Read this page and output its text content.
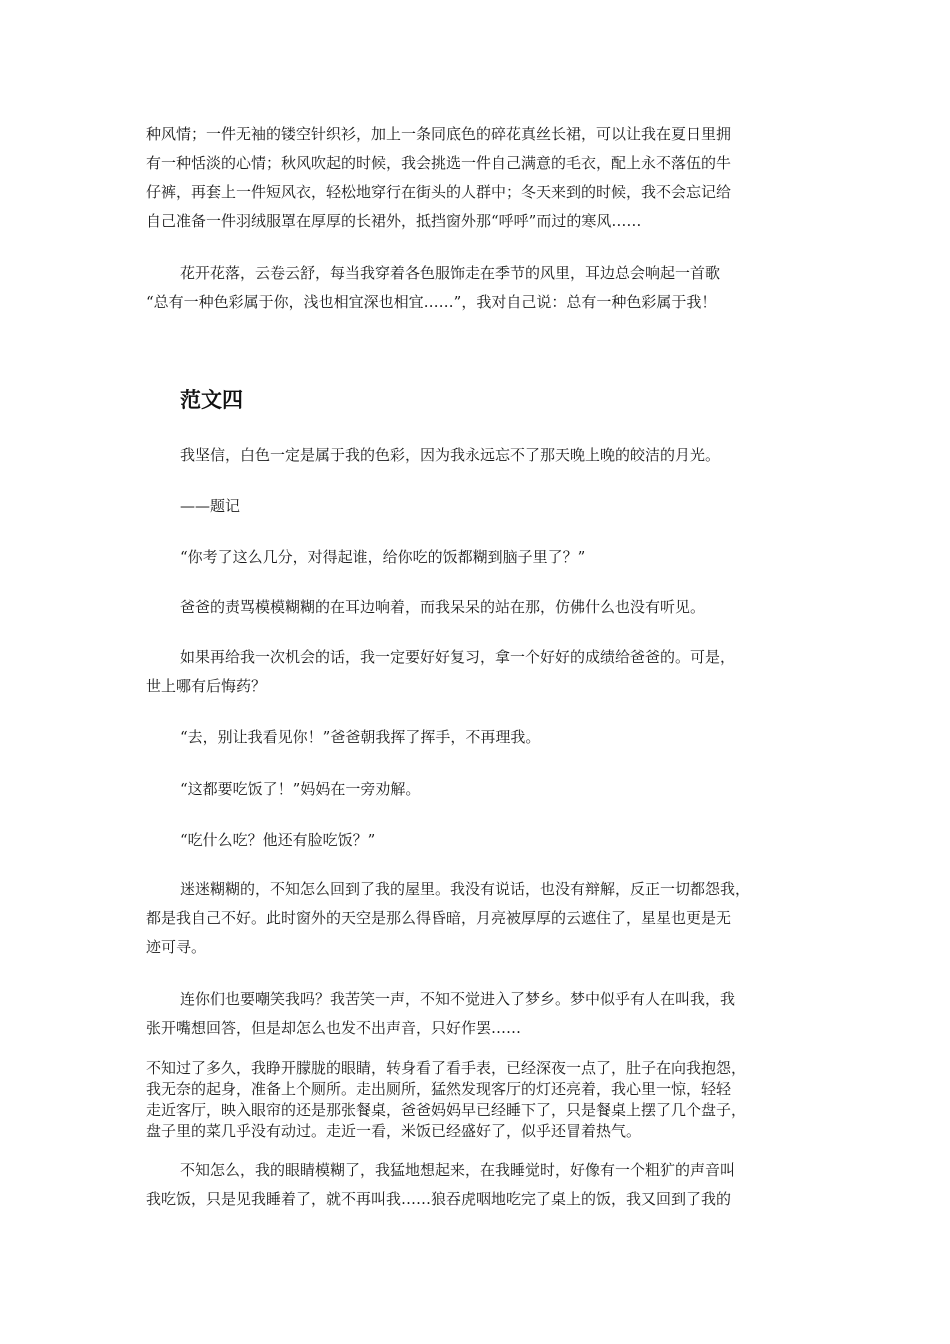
种风情；一件无袖的镂空针织衫，加上一条同底色的碎花真丝长裙，可以让我在夏日里拥
有一种恬淡的心情；秋风吹起的时候，我会挑选一件自己满意的毛衣，配上永不落伍的牛
仔裤，再套上一件短风衣，轻松地穿行在街头的人群中；冬天来到的时候，我不会忘记给
自己准备一件羽绒服罩在厚厚的长裙外，抵挡窗外那“呼呼”而过的寒风……

花开花落，云卷云舒，每当我穿着各色服饰走在季节的风里，耳边总会响起一首歌
“总有一种色彩属于你，浅也相宜深也相宜……”，我对自己说：总有一种色彩属于我！

范文四

我坚信，白色一定是属于我的色彩，因为我永远忘不了那天晚上晚的皎洁的月光。

——题记

“你考了这么几分，对得起谁，给你吃的饭都糊到脑子里了？”

爸爸的责骂模模糊糊的在耳边响着，而我呆呆的站在那，仿佛什么也没有听见。

如果再给我一次机会的话，我一定要好好复习，拿一个好好的成绩给爸爸的。可是，
世上哪有后悔药？

“去，别让我看见你！”爸爸朝我挥了挥手，不再理我。

“这都要吃饭了！”妈妈在一旁劝解。

“吃什么吃？他还有脸吃饭？”

迷迷糊糊的，不知怎么回到了我的屋里。我没有说话，也没有辩解，反正一切都怨我，
都是我自己不好。此时窗外的天空是那么得昏暗，月亮被厚厚的云遮住了，星星也更是无
迹可寻。

连你们也要嘲笑我吗？我苦笑一声，不知不觉进入了梦乡。梦中似乎有人在叫我，我
张开嘴想回答，但是却怎么也发不出声音，只好作罢……

不知过了多久，我睁开朦胧的眼睛，转身看了看手表，已经深夜一点了，肚子在向我抱怨，
我无奈的起身，准备上个厕所。走出厕所，猛然发现客厅的灯还亮着，我心里一惊，轻轻
走近客厅，映入眼帘的还是那张餐桌，爸爸妈妈早已经睡下了，只是餐桌上摆了几个盘子，
盘子里的菜几乎没有动过。走近一看，米饭已经盛好了，似乎还冒着热气。

不知怎么，我的眼睛模糊了，我猛地想起来，在我睡觉时，好像有一个粗犷的声音叫
我吃饭，只是见我睡着了，就不再叫我……狼吞虎咽地吃完了桌上的饭，我又回到了我的
